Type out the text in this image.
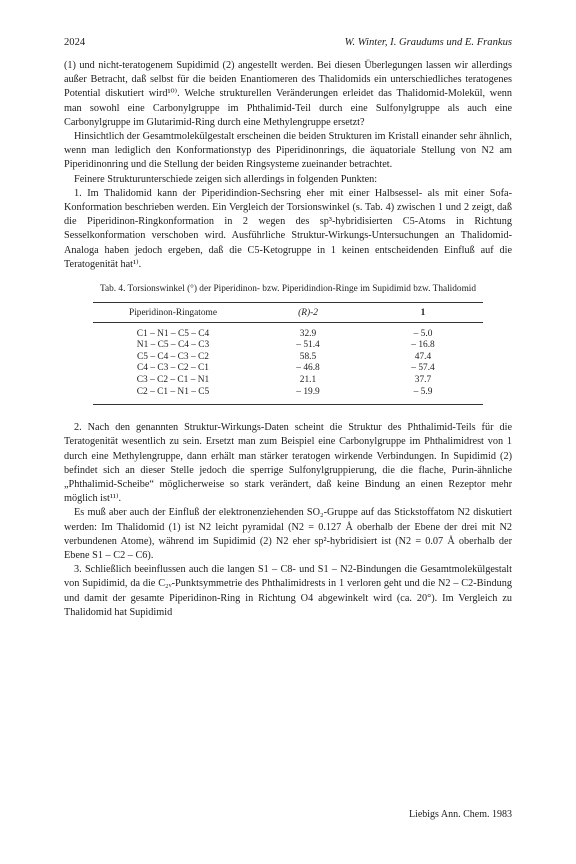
2024	W. Winter, I. Graudums und E. Frankus

(1) und nicht-teratogenem Supidimid (2) angestellt werden. Bei diesen Überlegungen lassen wir allerdings außer Betracht, daß selbst für die beiden Enantiomeren des Thalidomids ein unterschiedliches teratogenes Potential diskutiert wird¹⁰⁾. Welche strukturellen Veränderungen erleidet das Thalidomid-Molekül, wenn man sowohl eine Carbonylgruppe im Phthalimid-Teil durch eine Sulfonylgruppe als auch eine Carbonylgruppe im Glutarimid-Ring durch eine Methylengruppe ersetzt?

Hinsichtlich der Gesamtmolekülgestalt erscheinen die beiden Strukturen im Kristall einander sehr ähnlich, wenn man lediglich den Konformationstyp des Piperidinonrings, die äquatoriale Stellung von N2 am Piperidinonring und die Stellung der beiden Ringsysteme zueinander betrachtet.

Feinere Strukturunterschiede zeigen sich allerdings in folgenden Punkten:

1. Im Thalidomid kann der Piperidindion-Sechsring eher mit einer Halbsessel- als mit einer Sofa-Konformation beschrieben werden. Ein Vergleich der Torsionswinkel (s. Tab. 4) zwischen 1 und 2 zeigt, daß die Piperidinon-Ringkonformation in 2 wegen des sp³-hybridisierten C5-Atoms in Richtung Sesselkonformation verschoben wird. Ausführliche Struktur-Wirkungs-Untersuchungen an Thalidomid-Analoga haben jedoch ergeben, daß die C5-Ketogruppe in 1 keinen entscheidenden Einfluß auf die Teratogenität hat¹⁾.

Tab. 4. Torsionswinkel (°) der Piperidinon- bzw. Piperidindion-Ringe im Supidimid bzw. Thalidomid

Piperidinon-Ringatome	(R)-2	1
C1 – N1 – C5 – C4	32.9	– 5.0
N1 – C5 – C4 – C3	– 51.4	– 16.8
C5 – C4 – C3 – C2	58.5	47.4
C4 – C3 – C2 – C1	– 46.8	– 57.4
C3 – C2 – C1 – N1	21.1	37.7
C2 – C1 – N1 – C5	– 19.9	– 5.9

2. Nach den genannten Struktur-Wirkungs-Daten scheint die Struktur des Phthalimid-Teils für die Teratogenität wesentlich zu sein. Ersetzt man zum Beispiel eine Carbonylgruppe im Phthalimidrest von 1 durch eine Methylengruppe, dann erhält man stärker teratogen wirkende Verbindungen. In Supidimid (2) befindet sich an dieser Stelle jedoch die sperrige Sulfonylgruppierung, die die flache, Purin-ähnliche „Phthalimid-Scheibe“ möglicherweise so stark verändert, daß keine Bindung an einen Rezeptor mehr möglich ist¹¹⁾.

Es muß aber auch der Einfluß der elektronenziehenden SO₂-Gruppe auf das Stickstoffatom N2 diskutiert werden: Im Thalidomid (1) ist N2 leicht pyramidal (N2 = 0.127 Å oberhalb der Ebene der drei mit N2 verbundenen Atome), während im Supidimid (2) N2 eher sp²-hybridisiert ist (N2 = 0.07 Å oberhalb der Ebene S1 – C2 – C6).

3. Schließlich beeinflussen auch die langen S1 – C8- und S1 – N2-Bindungen die Gesamtmolekülgestalt von Supidimid, da die C₂ᵥ-Punktsymmetrie des Phthalimidrests in 1 verloren geht und die N2 – C2-Bindung und damit der gesamte Piperidinon-Ring in Richtung O4 abgewinkelt wird (ca. 20°). Im Vergleich zu Thalidomid hat Supidimid

Liebigs Ann. Chem. 1983
